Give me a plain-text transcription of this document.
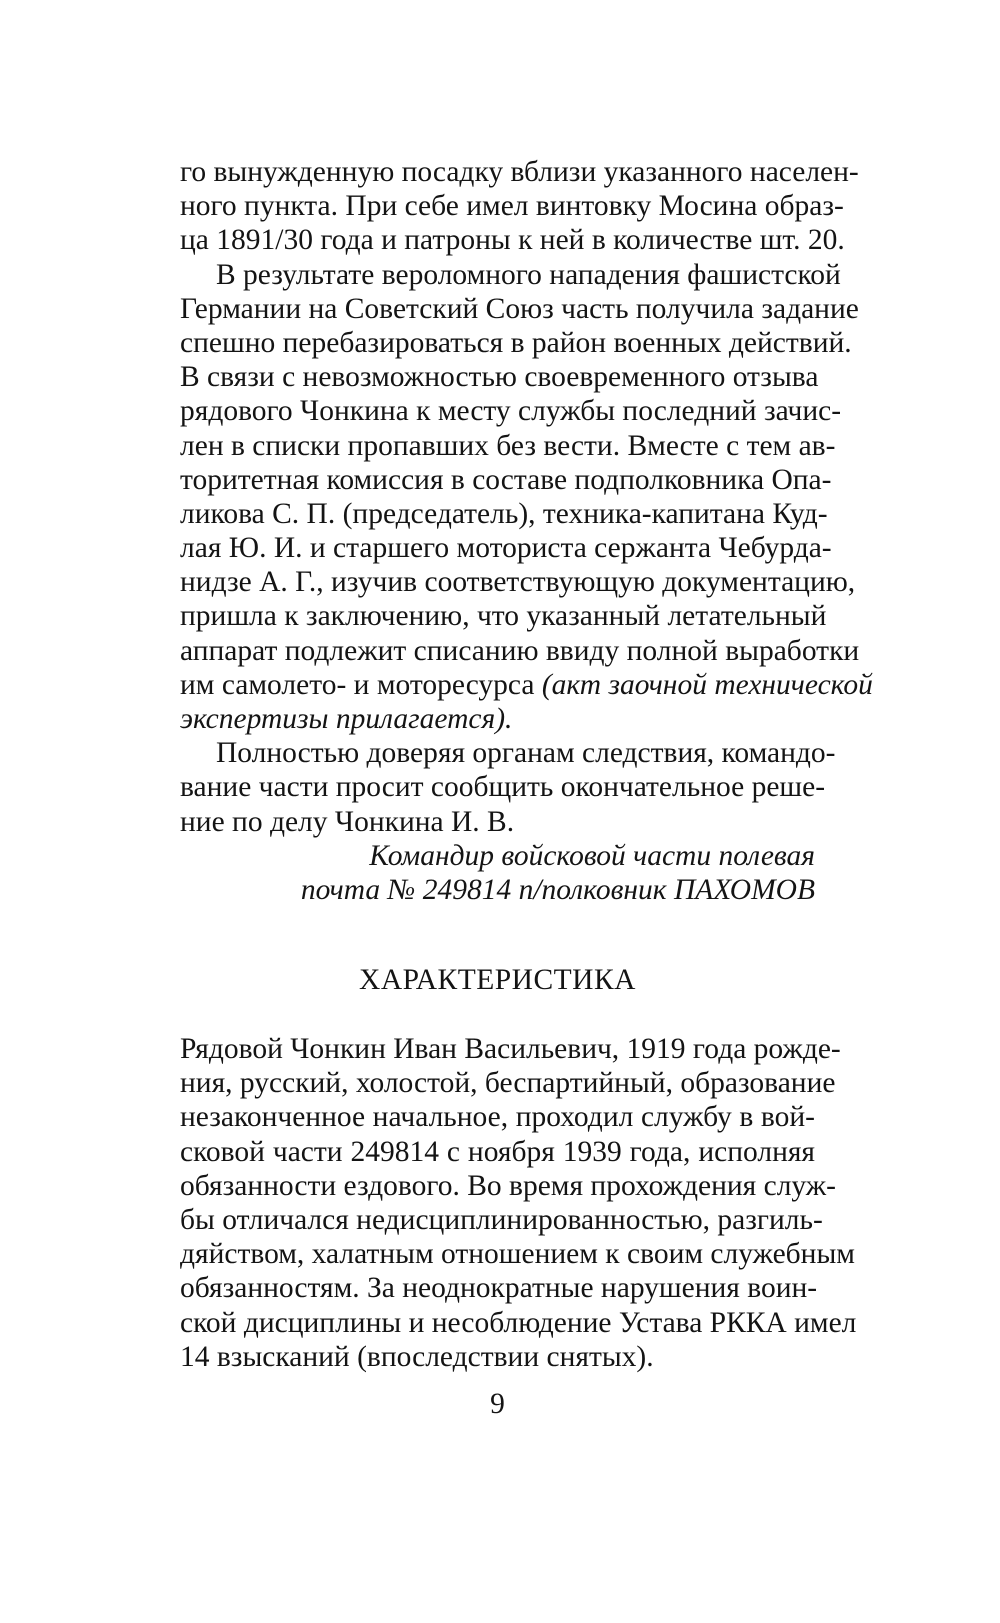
го вынужденную посадку вблизи указанного населен-
ного пункта. При себе имел винтовку Мосина образ-
ца 1891/30 года и патроны к ней в количестве шт. 20.
В результате вероломного нападения фашистской
Германии на Советский Союз часть получила задание
спешно перебазироваться в район военных действий.
В связи с невозможностью своевременного отзыва
рядового Чонкина к месту службы последний зачис-
лен в списки пропавших без вести. Вместе с тем ав-
торитетная комиссия в составе подполковника Опа-
ликова С. П. (председатель), техника-капитана Куд-
лая Ю. И. и старшего моториста сержанта Чебурда-
нидзе А. Г., изучив соответствующую документацию,
пришла к заключению, что указанный летательный
аппарат подлежит списанию ввиду полной выработки
им самолето- и моторесурса (акт заочной технической
экспертизы прилагается).
Полностью доверяя органам следствия, командо-
вание части просит сообщить окончательное реше-
ние по делу Чонкина И. В.
Командир войсковой части полевая
почта № 249814 п/полковник ПАХОМОВ
ХАРАКТЕРИСТИКА
Рядовой Чонкин Иван Васильевич, 1919 года рожде-
ния, русский, холостой, беспартийный, образование
незаконченное начальное, проходил службу в вой-
сковой части 249814 с ноября 1939 года, исполняя
обязанности ездового. Во время прохождения служ-
бы отличался недисциплинированностью, разгиль-
дяйством, халатным отношением к своим служебным
обязанностям. За неоднократные нарушения воин-
ской дисциплины и несоблюдение Устава РККА имел
14 взысканий (впоследствии снятых).
9
